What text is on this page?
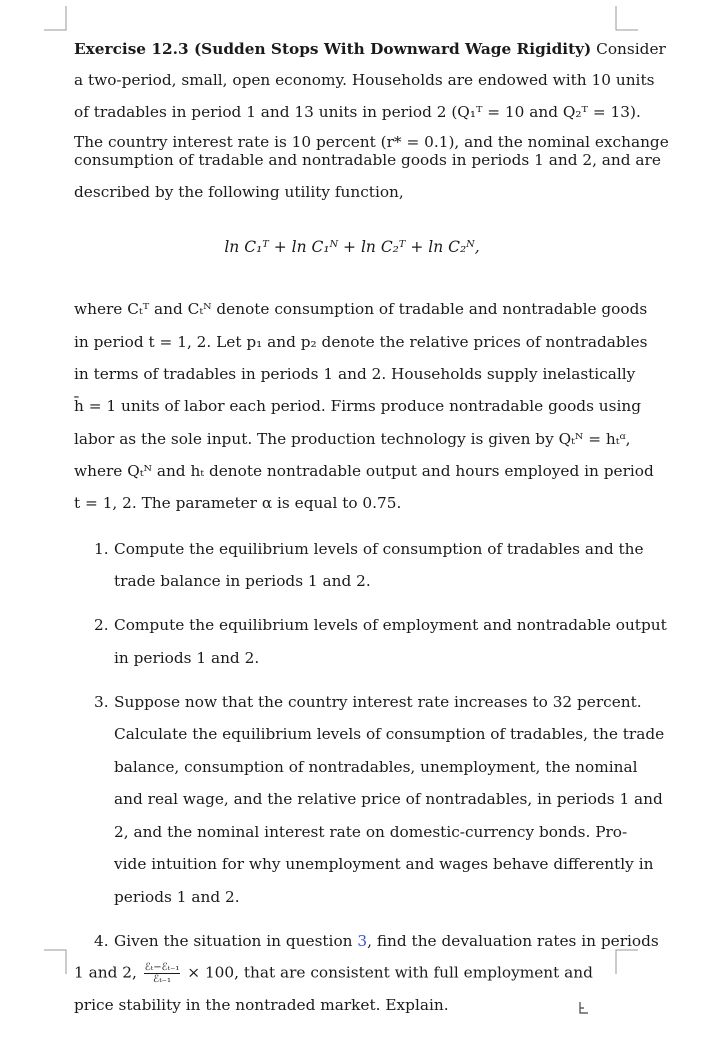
Exercise 12.3 (Sudden Stops With Downward Wage Rigidity) Consider
a two-period, small, open economy. Households are endowed with 10 units
of tradables in period 1 and 13 units in period 2 (Q₁ᵀ = 10 and Q₂ᵀ = 13).
The country interest rate is 10 percent (r* = 0.1), and the nominal exchange
consumption of tradable and nontradable goods in periods 1 and 2, and are
described by the following utility function,
ln C₁ᵀ + ln C₁ᴺ + ln C₂ᵀ + ln C₂ᴺ,
where Cₜᵀ and Cₜᴺ denote consumption of tradable and nontradable goods
in period t = 1, 2. Let p₁ and p₂ denote the relative prices of nontradables
in terms of tradables in periods 1 and 2. Households supply inelastically
h̄ = 1 units of labor each period. Firms produce nontradable goods using
labor as the sole input. The production technology is given by Qₜᴺ = hₜᵅ,
where Qₜᴺ and hₜ denote nontradable output and hours employed in period
t = 1, 2. The parameter α is equal to 0.75.
1. Compute the equilibrium levels of consumption of tradables and the
trade balance in periods 1 and 2.
2. Compute the equilibrium levels of employment and nontradable output
in periods 1 and 2.
3. Suppose now that the country interest rate increases to 32 percent.
Calculate the equilibrium levels of consumption of tradables, the trade
balance, consumption of nontradables, unemployment, the nominal
and real wage, and the relative price of nontradables, in periods 1 and
2, and the nominal interest rate on domestic-currency bonds. Pro-
vide intuition for why unemployment and wages behave differently in
periods 1 and 2.
4. Given the situation in question 3, find the devaluation rates in periods
1 and 2, $\frac{\text{ℰₜ−ℰₜ₋₁}}{\text{ℰₜ₋₁}} \times 100$, that are consistent with full employment and
price stability in the nontraded market. Explain.
